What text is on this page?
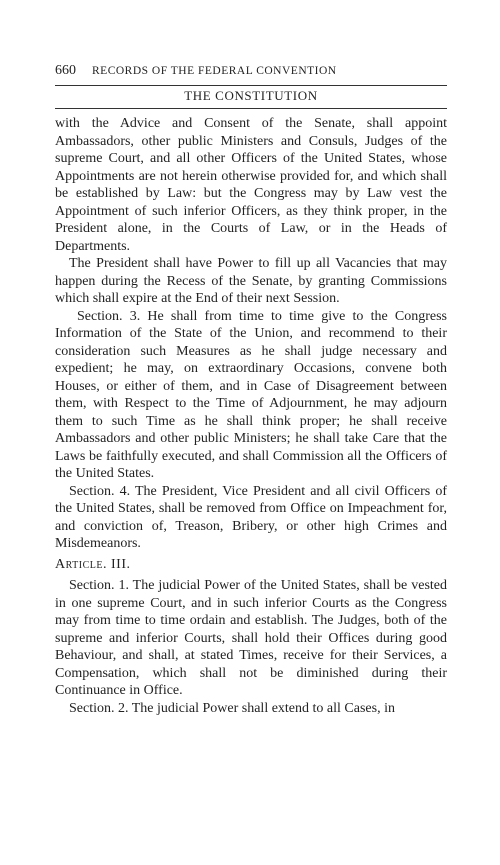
660 RECORDS OF THE FEDERAL CONVENTION
THE CONSTITUTION

with the Advice and Consent of the Senate, shall appoint Ambassadors, other public Ministers and Consuls, Judges of the supreme Court, and all other Officers of the United States, whose Appointments are not herein otherwise provided for, and which shall be established by Law: but the Congress may by Law vest the Appointment of such inferior Officers, as they think proper, in the President alone, in the Courts of Law, or in the Heads of Departments.

The President shall have Power to fill up all Vacancies that may happen during the Recess of the Senate, by granting Commissions which shall expire at the End of their next Session.

Section. 3. He shall from time to time give to the Congress Information of the State of the Union, and recommend to their consideration such Measures as he shall judge necessary and expedient; he may, on extraordinary Occasions, convene both Houses, or either of them, and in Case of Disagreement between them, with Respect to the Time of Adjournment, he may adjourn them to such Time as he shall think proper; he shall receive Ambassadors and other public Ministers; he shall take Care that the Laws be faithfully executed, and shall Commission all the Officers of the United States.

Section. 4. The President, Vice President and all civil Officers of the United States, shall be removed from Office on Impeachment for, and conviction of, Treason, Bribery, or other high Crimes and Misdemeanors.

Article. III.

Section. 1. The judicial Power of the United States, shall be vested in one supreme Court, and in such inferior Courts as the Congress may from time to time ordain and establish. The Judges, both of the supreme and inferior Courts, shall hold their Offices during good Behaviour, and shall, at stated Times, receive for their Services, a Compensation, which shall not be diminished during their Continuance in Office.

Section. 2. The judicial Power shall extend to all Cases, in
